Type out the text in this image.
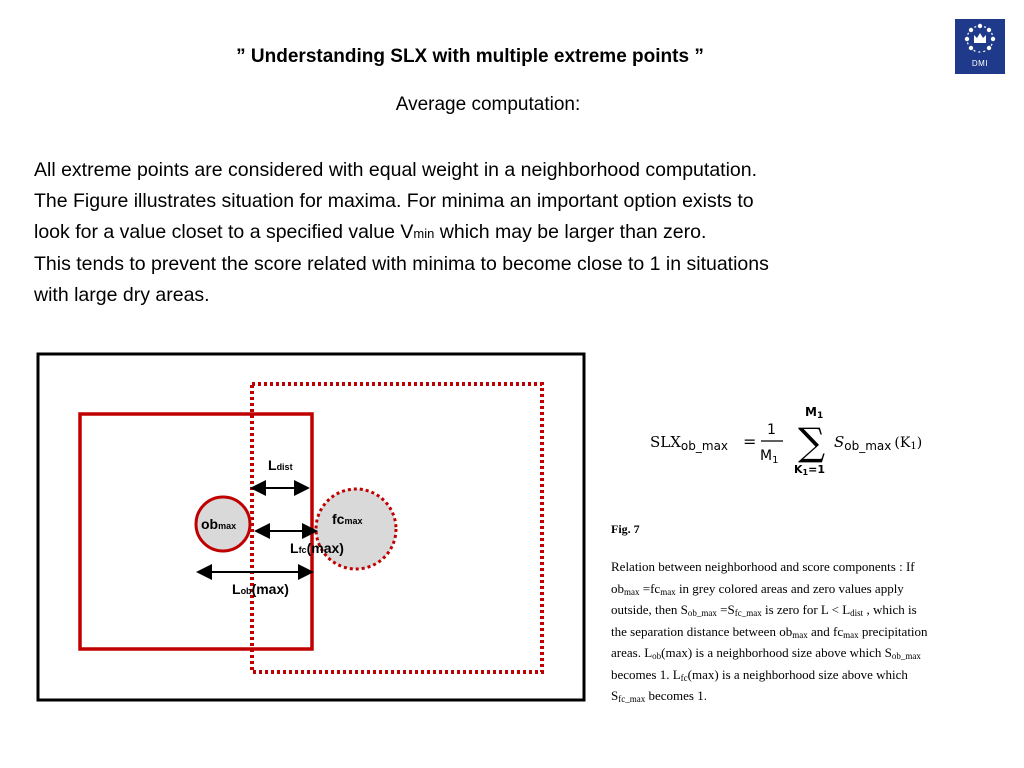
” Understanding SLX with multiple extreme points ”
Average computation:
All extreme points are considered with equal weight in a neighborhood computation.
The Figure illustrates situation for maxima. For minima an important option exists to
look for a value closet to a specified value Vmin which may be larger than zero.
This tends to prevent the score related with minima to become close to 1 in situations
with large dry areas.
DMI
Ldist
obmax	fcmax
Lfc(max)
Lob(max)
$SLX_{ob\_max}$ =
1
$M_1$
M1
∑
K1=1
$S_{ob\_max}$ (K1)
Fig. 7
Relation between neighborhood and score components : If
$ob_{max} =fc_{max}$ in grey colored areas and zero values apply
outside, then $S_{ob\_max} =S_{fc\_max}$ is zero for $L < L_{dist}$ , which is
the separation distance between $ob_{max}$ and $fc_{max}$ precipitation
areas. $L_{ob}(\max)$ is a neighborhood size above which $S_{ob\_max}$
becomes 1. $L_{fc}(\max)$ is a neighborhood size above which
$S_{fc\_max}$ becomes 1.
